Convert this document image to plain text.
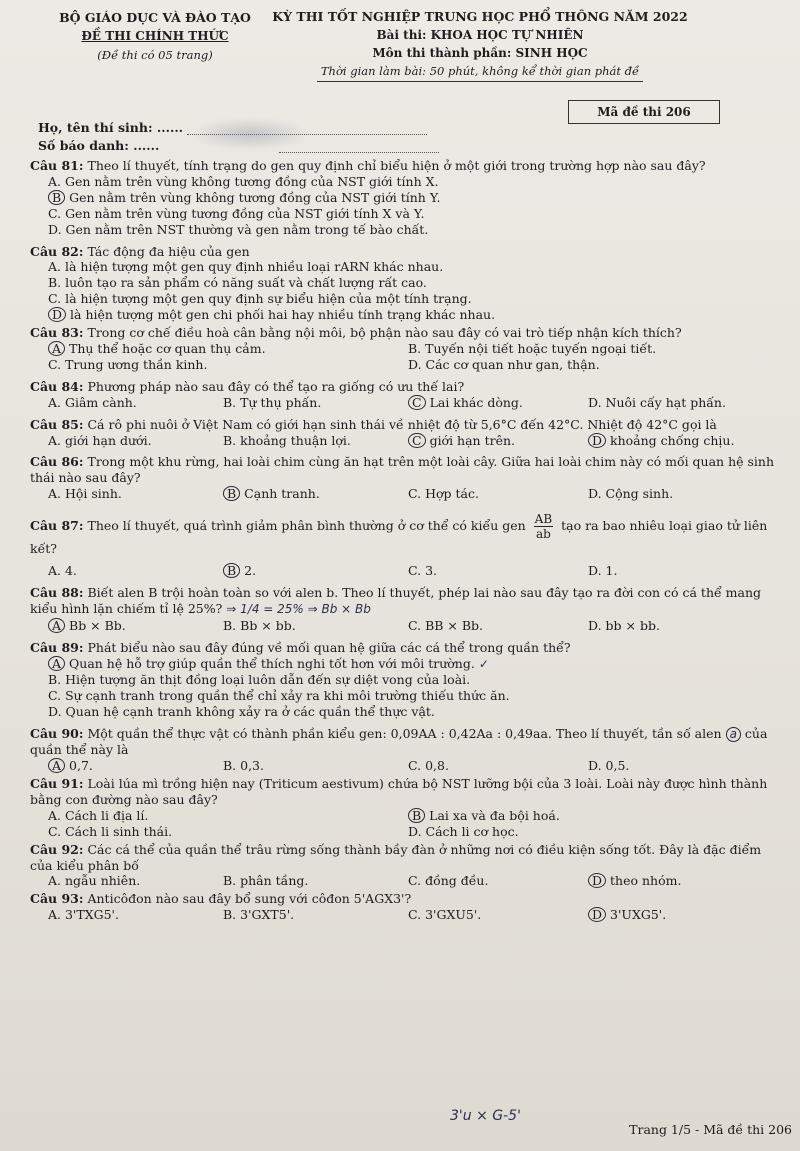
BỘ GIÁO DỤC VÀ ĐÀO TẠO
ĐỀ THI CHÍNH THỨC
(Đề thi có 05 trang)
KỲ THI TỐT NGHIỆP TRUNG HỌC PHỔ THÔNG NĂM 2022
Bài thi: KHOA HỌC TỰ NHIÊN
Môn thi thành phần: SINH HỌC
Thời gian làm bài: 50 phút, không kể thời gian phát đề
Mã đề thi 206
Họ, tên thí sinh: ......
Số báo danh: ......

Câu 81: Theo lí thuyết, tính trạng do gen quy định chỉ biểu hiện ở một giới trong trường hợp nào sau đây?

A. Gen nằm trên vùng không tương đồng của NST giới tính X.

B Gen nằm trên vùng không tương đồng của NST giới tính Y.

C. Gen nằm trên vùng tương đồng của NST giới tính X và Y.

D. Gen nằm trên NST thường và gen nằm trong tế bào chất.

Câu 82: Tác động đa hiệu của gen

A. là hiện tượng một gen quy định nhiều loại rARN khác nhau.

B. luôn tạo ra sản phẩm có năng suất và chất lượng rất cao.

C. là hiện tượng một gen quy định sự biểu hiện của một tính trạng.

D là hiện tượng một gen chi phối hai hay nhiều tính trạng khác nhau.

Câu 83: Trong cơ chế điều hoà cân bằng nội môi, bộ phận nào sau đây có vai trò tiếp nhận kích thích?

A Thụ thể hoặc cơ quan thụ cảm.	B. Tuyến nội tiết hoặc tuyến ngoại tiết.
C. Trung ương thần kinh.	D. Các cơ quan như gan, thận.

Câu 84: Phương pháp nào sau đây có thể tạo ra giống có ưu thế lai?

A. Giâm cành.	B. Tự thụ phấn.	C Lai khác dòng.	D. Nuôi cấy hạt phấn.

Câu 85: Cá rô phi nuôi ở Việt Nam có giới hạn sinh thái về nhiệt độ từ 5,6°C đến 42°C. Nhiệt độ 42°C gọi là

A. giới hạn dưới.	B. khoảng thuận lợi.	C giới hạn trên.	D khoảng chống chịu.

Câu 86: Trong một khu rừng, hai loài chim cùng ăn hạt trên một loài cây. Giữa hai loài chim này có mối quan hệ sinh thái nào sau đây?

A. Hội sinh.	B Cạnh tranh.	C. Hợp tác.	D. Cộng sinh.

Câu 87: Theo lí thuyết, quá trình giảm phân bình thường ở cơ thể có kiểu gen $\frac{AB}{ab}$ tạo ra bao nhiêu loại giao tử liên kết?

A. 4.	B 2.	C. 3.	D. 1.

Câu 88: Biết alen B trội hoàn toàn so với alen b. Theo lí thuyết, phép lai nào sau đây tạo ra đời con có cá thể mang kiểu hình lặn chiếm tỉ lệ 25%? ⇒ 1/4 = 25% ⇒ Bb × Bb

A Bb × Bb.	B. Bb × bb.	C. BB × Bb.	D. bb × bb.

Câu 89: Phát biểu nào sau đây đúng về mối quan hệ giữa các cá thể trong quần thể?

A Quan hệ hỗ trợ giúp quần thể thích nghi tốt hơn với môi trường. ✓

B. Hiện tượng ăn thịt đồng loại luôn dẫn đến sự diệt vong của loài.

C. Sự cạnh tranh trong quần thể chỉ xảy ra khi môi trường thiếu thức ăn.

D. Quan hệ cạnh tranh không xảy ra ở các quần thể thực vật.

Câu 90: Một quần thể thực vật có thành phần kiểu gen: 0,09AA : 0,42Aa : 0,49aa. Theo lí thuyết, tần số alen a của quần thể này là

A 0,7.	B. 0,3.	C. 0,8.	D. 0,5.

Câu 91: Loài lúa mì trồng hiện nay (Triticum aestivum) chứa bộ NST lưỡng bội của 3 loài. Loài này được hình thành bằng con đường nào sau đây?

A. Cách li địa lí.	B Lai xa và đa bội hoá.
C. Cách li sinh thái.	D. Cách li cơ học.

Câu 92: Các cá thể của quần thể trâu rừng sống thành bầy đàn ở những nơi có điều kiện sống tốt. Đây là đặc điểm của kiểu phân bố

A. ngẫu nhiên.	B. phân tầng.	C. đồng đều.	D theo nhóm.

Câu 93: Anticôđon nào sau đây bổ sung với côđon 5'AGX3'?

A. 3'TXG5'.	B. 3'GXT5'.	C. 3'GXU5'.	D 3'UXG5'.
3'u × G-5'
Trang 1/5 - Mã đề thi 206
